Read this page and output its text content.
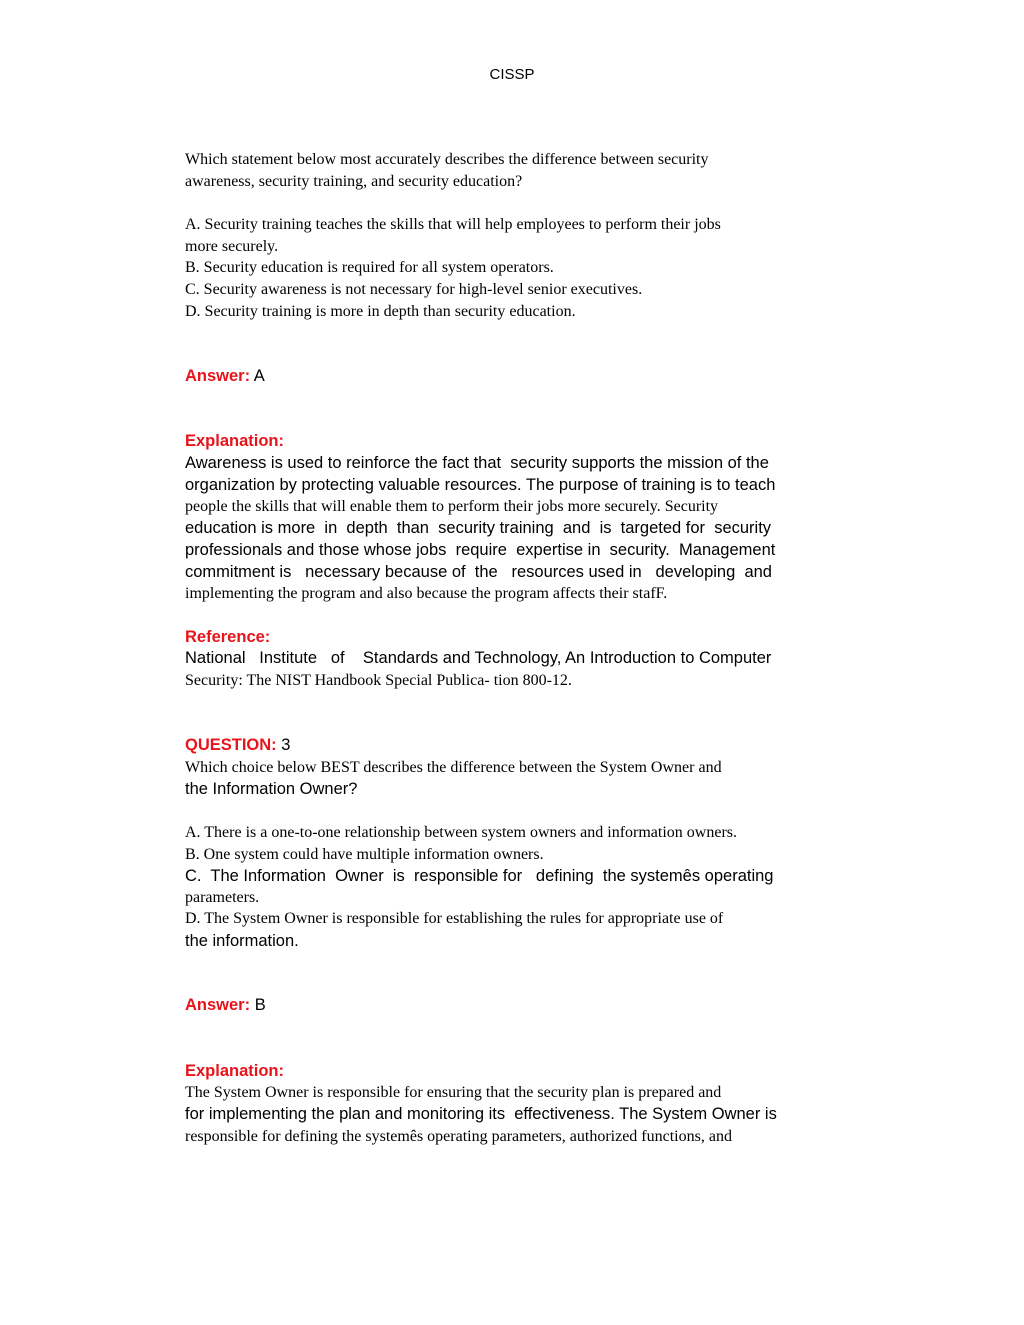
CISSP
Which statement below most accurately describes the difference between security
awareness, security training, and security education?
A. Security training teaches the skills that will help employees to perform their jobs
more securely.
B. Security education is required for all system operators.
C. Security awareness is not necessary for high-level senior executives.
D. Security training is more in depth than security education.
Answer: A
Explanation:
Awareness is used to reinforce the fact that  security supports the mission of the
organization by protecting valuable resources. The purpose of training is to teach
people the skills that will enable them to perform their jobs more securely. Security
education is more  in  depth  than  security training  and  is  targeted for  security
professionals and those whose jobs  require  expertise in  security.  Management
commitment is   necessary because of  the   resources used in   developing  and
implementing the program and also because the program affects their stafF.
Reference:
National   Institute   of    Standards and Technology, An Introduction to Computer
Security: The NIST Handbook Special Publica- tion 800-12.
QUESTION: 3
Which choice below BEST describes the difference between the System Owner and
the Information Owner?
A. There is a one-to-one relationship between system owners and information owners.
B. One system could have multiple information owners.
C.  The Information  Owner  is  responsible for   defining  the systemês operating
parameters.
D. The System Owner is responsible for establishing the rules for appropriate use of
the information.
Answer: B
Explanation:
The System Owner is responsible for ensuring that the security plan is prepared and
for implementing the plan and monitoring its  effectiveness. The System Owner is
responsible for defining the systemês operating parameters, authorized functions, and
